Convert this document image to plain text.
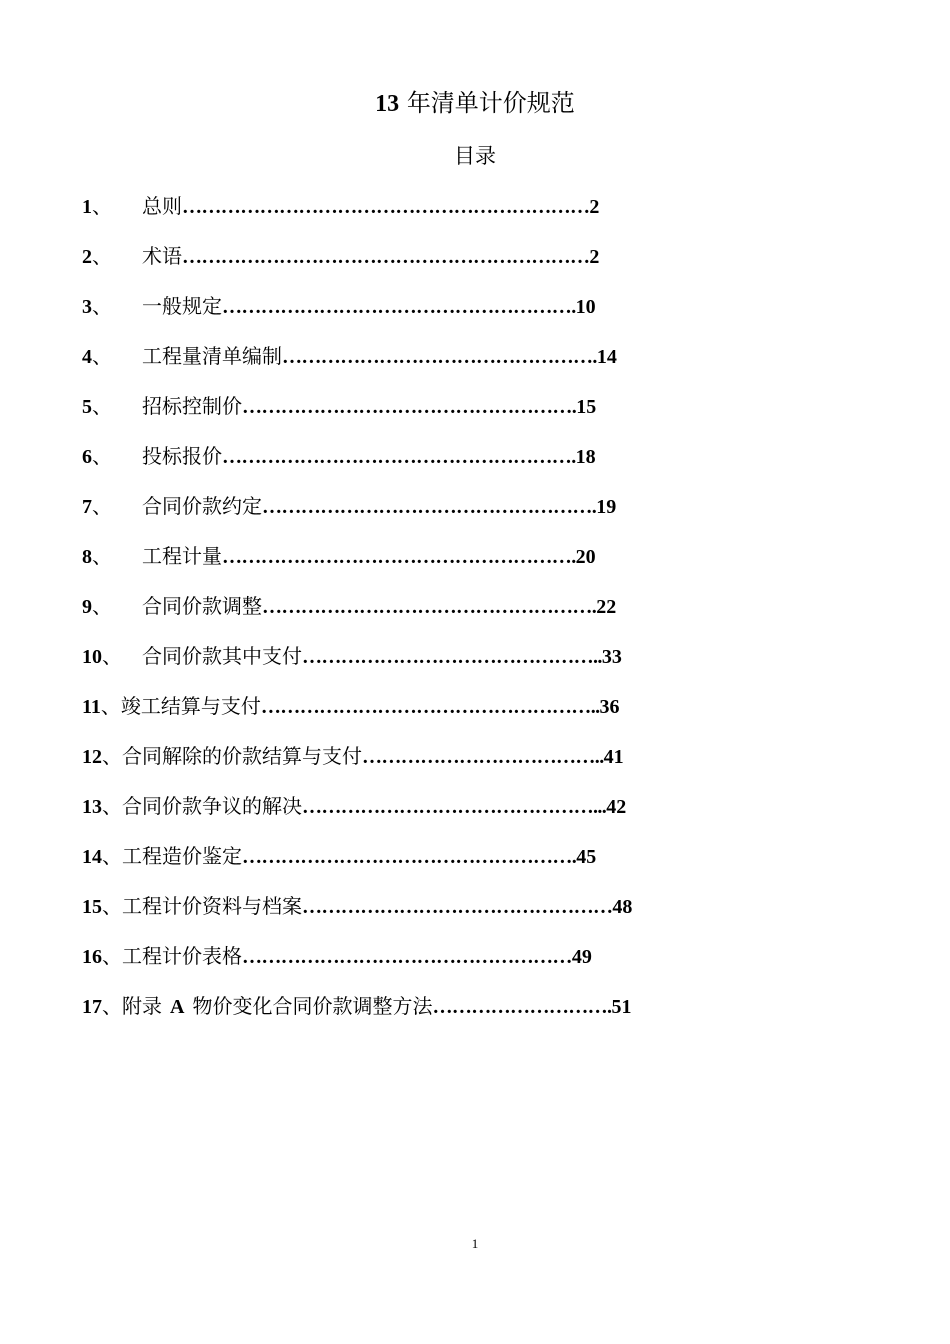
13 年清单计价规范
目录
1 、 总则 ……………………………………………………… 2
2 、 术语 ……………………………………………………… 2
3 、 一般规定 ………………………………………………. 10
4 、 工程量清单编制 …………………………………………. 14
5 、 招标控制价 ……………………………………………. 15
6 、 投标报价 ………………………………………………. 18
7 、 合同价款约定 ……………………………………………. 19
8 、 工程计量 ………………………………………………. 20
9 、 合同价款调整 ……………………………………………. 22
10 、 合同价款其中支付 ……………………………………….. 33
11 、 竣工结算与支付 …………………………………………….. 36
12 、 合同解除的价款结算与支付 ……………………………….. 41
13 、 合同价款争议的解决 ………………………………………... 42
14 、 工程造价鉴定 ……………………………………………. 45
15 、 工程计价资料与档案 ………………………………………… 48
16 、 工程计价表格 …………………………………………… 49
17 、 附录 A 物价变化合同价款调整方法 ………………………. 51
1
